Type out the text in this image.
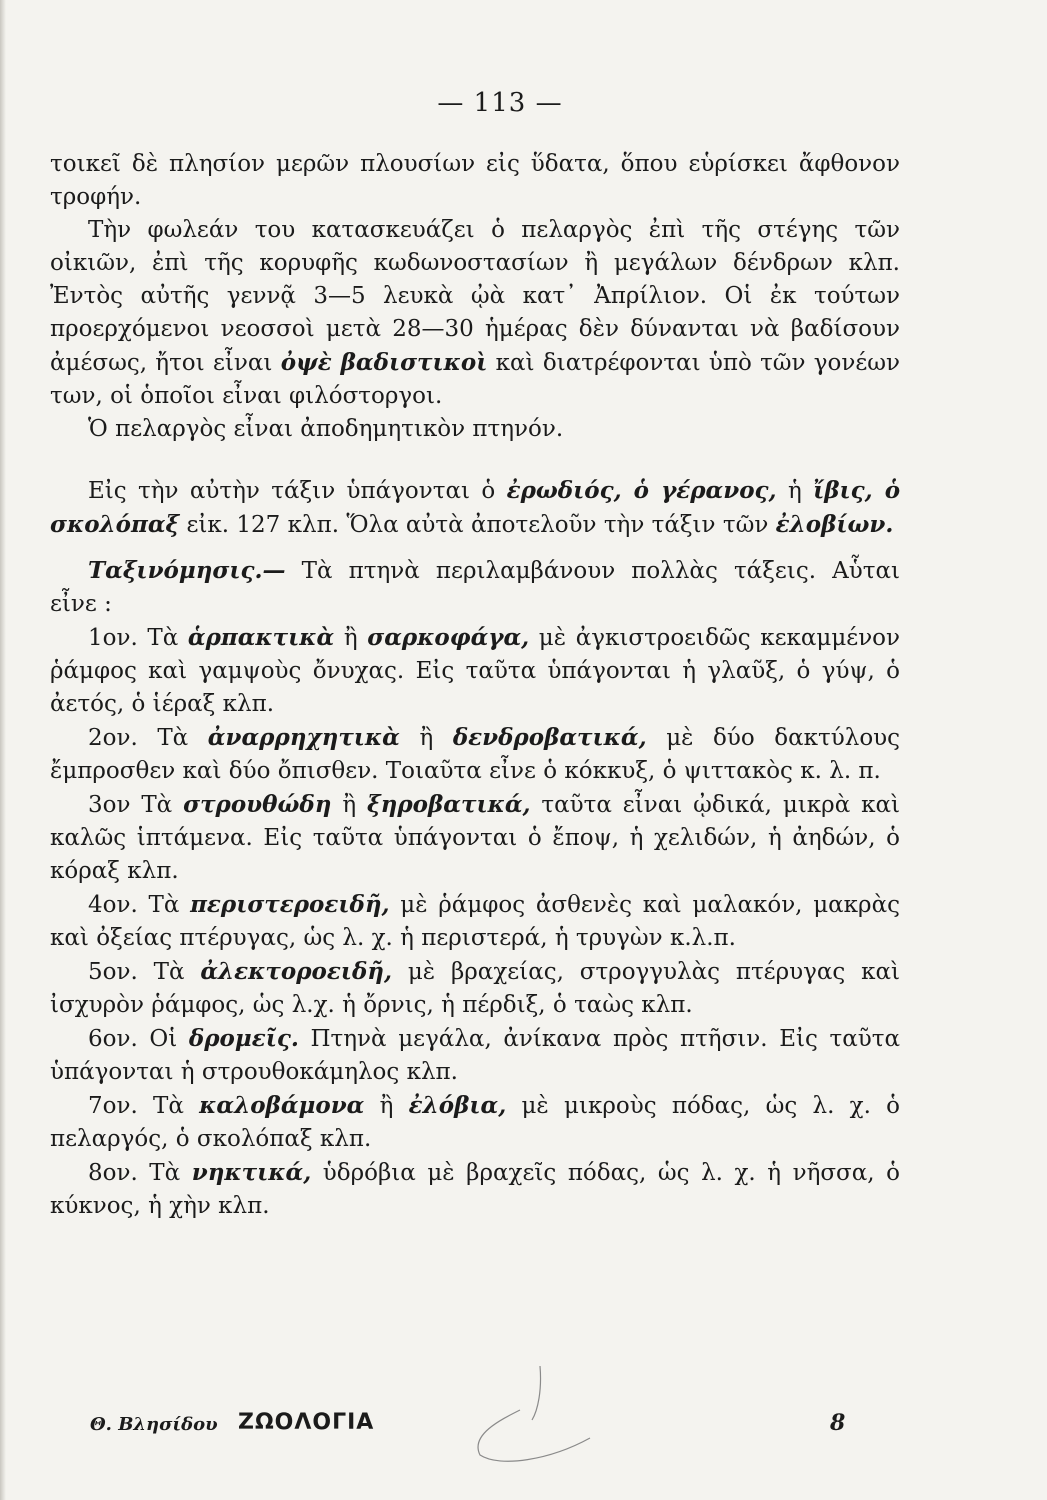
— 113 —

τοικεῖ δὲ πλησίον μερῶν πλουσίων εἰς ὕδατα, ὅπου εὑρίσκει ἄφθονον τροφήν.

Τὴν φωλεάν του κατασκευάζει ὁ πελαργὸς ἐπὶ τῆς στέγης τῶν οἰκιῶν, ἐπὶ τῆς κορυφῆς κωδωνοστασίων ἢ μεγάλων δένδρων κλπ. Ἐντὸς αὐτῆς γεννᾷ 3—5 λευκὰ ᾠὰ κατ᾽ Ἀπρίλιον. Οἱ ἐκ τούτων προερχόμενοι νεοσσοὶ μετὰ 28—30 ἡμέρας δὲν δύνανται νὰ βαδίσουν ἀμέσως, ἤτοι εἶναι ὀψὲ βαδιστικοὶ καὶ διατρέφονται ὑπὸ τῶν γονέων των, οἱ ὁποῖοι εἶναι φιλόστοργοι.

Ὁ πελαργὸς εἶναι ἀποδημητικὸν πτηνόν.

Εἰς τὴν αὐτὴν τάξιν ὑπάγονται ὁ ἐρωδιός, ὁ γέρανος, ἡ ἴβις, ὁ σκολόπαξ εἰκ. 127 κλπ. Ὅλα αὐτὰ ἀποτελοῦν τὴν τάξιν τῶν ἐλοβίων.

Ταξινόμησις.— Τὰ πτηνὰ περιλαμβάνουν πολλὰς τάξεις. Αὗται εἶνε :

1ον. Τὰ ἁρπακτικὰ ἢ σαρκοφάγα, μὲ ἀγκιστροειδῶς κεκαμμένον ῥάμφος καὶ γαμψοὺς ὄνυχας. Εἰς ταῦτα ὑπάγονται ἡ γλαῦξ, ὁ γύψ, ὁ ἀετός, ὁ ἱέραξ κλπ.

2ον. Τὰ ἀναρρηχητικὰ ἢ δενδροβατικά, μὲ δύο δακτύλους ἔμπροσθεν καὶ δύο ὄπισθεν. Τοιαῦτα εἶνε ὁ κόκκυξ, ὁ ψιττακὸς κ. λ. π.

3ον Τὰ στρουθώδη ἢ ξηροβατικά, ταῦτα εἶναι ᾠδικά, μικρὰ καὶ καλῶς ἱπτάμενα. Εἰς ταῦτα ὑπάγονται ὁ ἔποψ, ἡ χελιδών, ἡ ἀηδών, ὁ κόραξ κλπ.

4ον. Τὰ περιστεροειδῆ, μὲ ῥάμφος ἀσθενὲς καὶ μαλακόν, μακρὰς καὶ ὀξείας πτέρυγας, ὡς λ. χ. ἡ περιστερά, ἡ τρυγὼν κ.λ.π.

5ον. Τὰ ἀλεκτοροειδῆ, μὲ βραχείας, στρογγυλὰς πτέρυγας καὶ ἰσχυρὸν ῥάμφος, ὡς λ.χ. ἡ ὄρνις, ἡ πέρδιξ, ὁ ταὼς κλπ.

6ον. Οἱ δρομεῖς. Πτηνὰ μεγάλα, ἀνίκανα πρὸς πτῆσιν. Εἰς ταῦτα ὑπάγονται ἡ στρουθοκάμηλος κλπ.

7ον. Τὰ καλοβάμονα ἢ ἐλόβια, μὲ μικροὺς πόδας, ὡς λ. χ. ὁ πελαργός, ὁ σκολόπαξ κλπ.

8ον. Τὰ νηκτικά, ὑδρόβια μὲ βραχεῖς πόδας, ὡς λ. χ. ἡ νῆσσα, ὁ κύκνος, ἡ χὴν κλπ.

Θ. Βλησίδου ΖΩΟΛΟΓΙΑ	8
